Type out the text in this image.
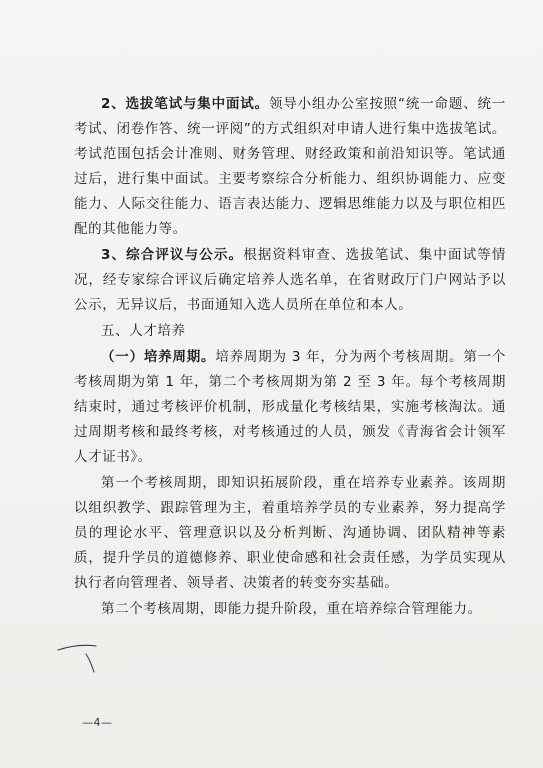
2、选拔笔试与集中面试。领导小组办公室按照“统一命题、统一考试、闭卷作答、统一评阅”的方式组织对申请人进行集中选拔笔试。考试范围包括会计准则、财务管理、财经政策和前沿知识等。笔试通过后，进行集中面试。主要考察综合分析能力、组织协调能力、应变能力、人际交往能力、语言表达能力、逻辑思维能力以及与职位相匹配的其他能力等。

3、综合评议与公示。根据资料审查、选拔笔试、集中面试等情况，经专家综合评议后确定培养人选名单，在省财政厅门户网站予以公示，无异议后，书面通知入选人员所在单位和本人。

五、人才培养

（一）培养周期。培养周期为 3 年，分为两个考核周期。第一个考核周期为第 1 年，第二个考核周期为第 2 至 3 年。每个考核周期结束时，通过考核评价机制，形成量化考核结果，实施考核淘汰。通过周期考核和最终考核，对考核通过的人员，颁发《青海省会计领军人才证书》。

第一个考核周期，即知识拓展阶段，重在培养专业素养。该周期以组织教学、跟踪管理为主，着重培养学员的专业素养，努力提高学员的理论水平、管理意识以及分析判断、沟通协调、团队精神等素质，提升学员的道德修养、职业使命感和社会责任感，为学员实现从执行者向管理者、领导者、决策者的转变夯实基础。

第二个考核周期，即能力提升阶段，重在培养综合管理能力。

—4—
